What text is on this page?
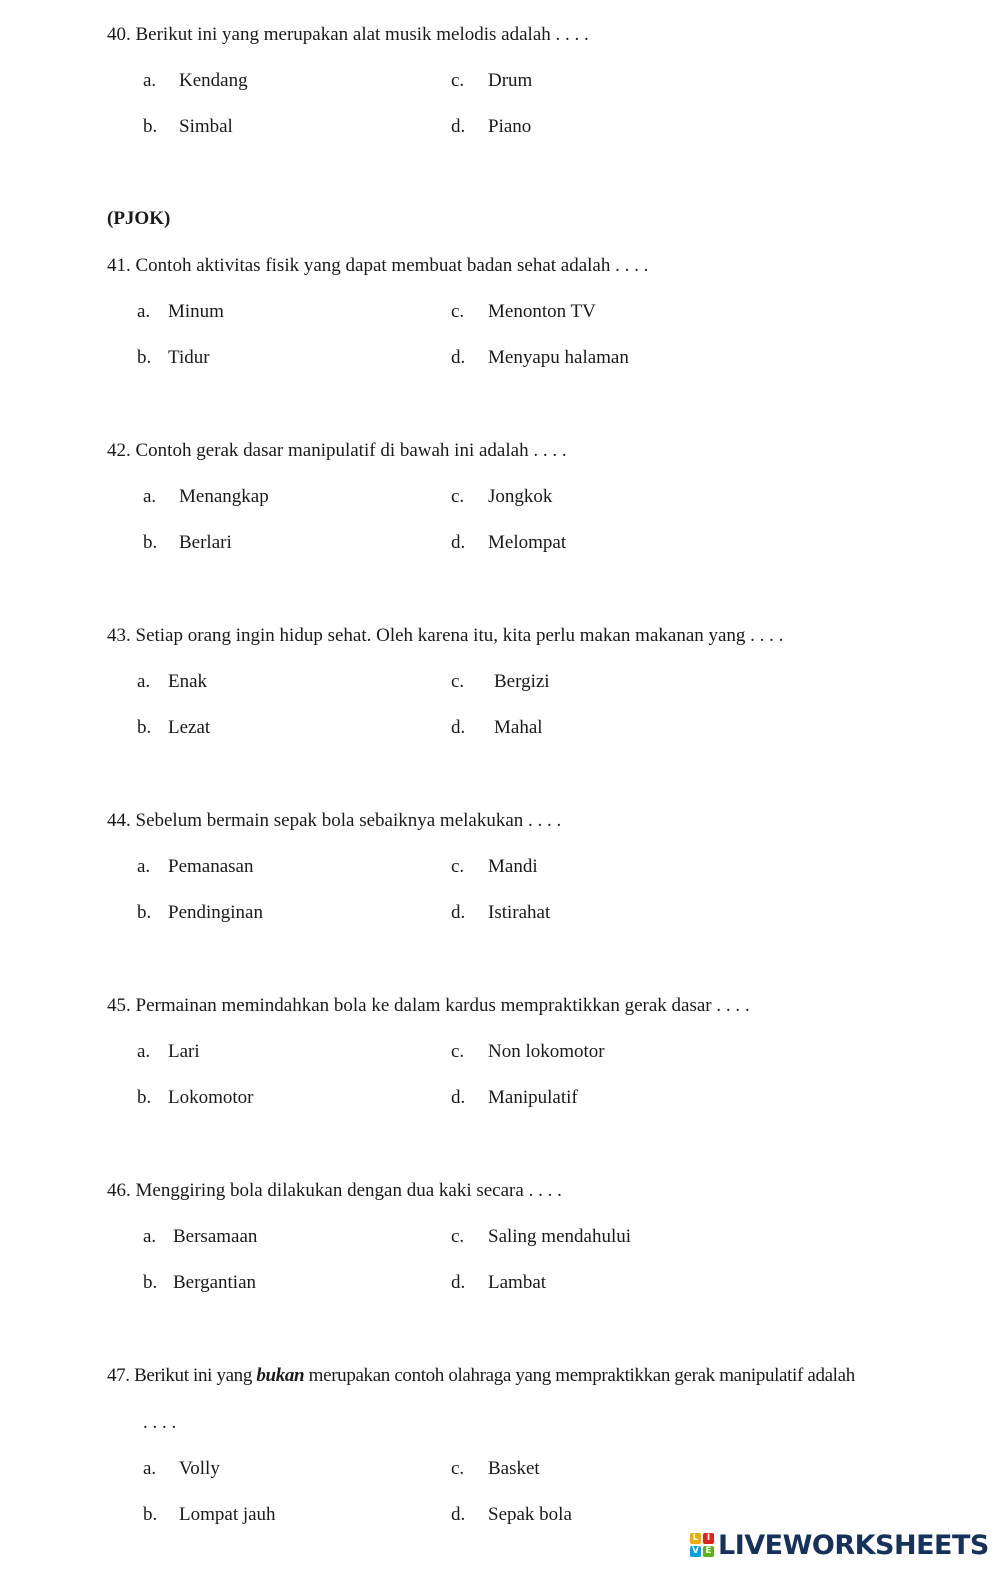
40. Berikut ini yang merupakan alat musik melodis adalah . . . .
a. Kendang
b. Simbal
c. Drum
d. Piano
(PJOK)
41. Contoh aktivitas fisik yang dapat membuat badan sehat adalah . . . .
a. Minum
b. Tidur
c. Menonton TV
d. Menyapu halaman
42. Contoh gerak dasar manipulatif di bawah ini adalah . . . .
a. Menangkap
b. Berlari
c. Jongkok
d. Melompat
43. Setiap orang ingin hidup sehat. Oleh karena itu, kita perlu makan makanan yang . . . .
a. Enak
b. Lezat
c. Bergizi
d. Mahal
44. Sebelum bermain sepak bola sebaiknya melakukan . . . .
a. Pemanasan
b. Pendinginan
c. Mandi
d. Istirahat
45. Permainan memindahkan bola ke dalam kardus mempraktikkan gerak dasar . . . .
a. Lari
b. Lokomotor
c. Non lokomotor
d. Manipulatif
46. Menggiring bola dilakukan dengan dua kaki secara . . . .
a. Bersamaan
b. Bergantian
c. Saling mendahului
d. Lambat
47. Berikut ini yang bukan merupakan contoh olahraga yang mempraktikkan gerak manipulatif adalah
. . . .
a. Volly
b. Lompat jauh
c. Basket
d. Sepak bola
L I
V E LIVEWORKSHEETS
